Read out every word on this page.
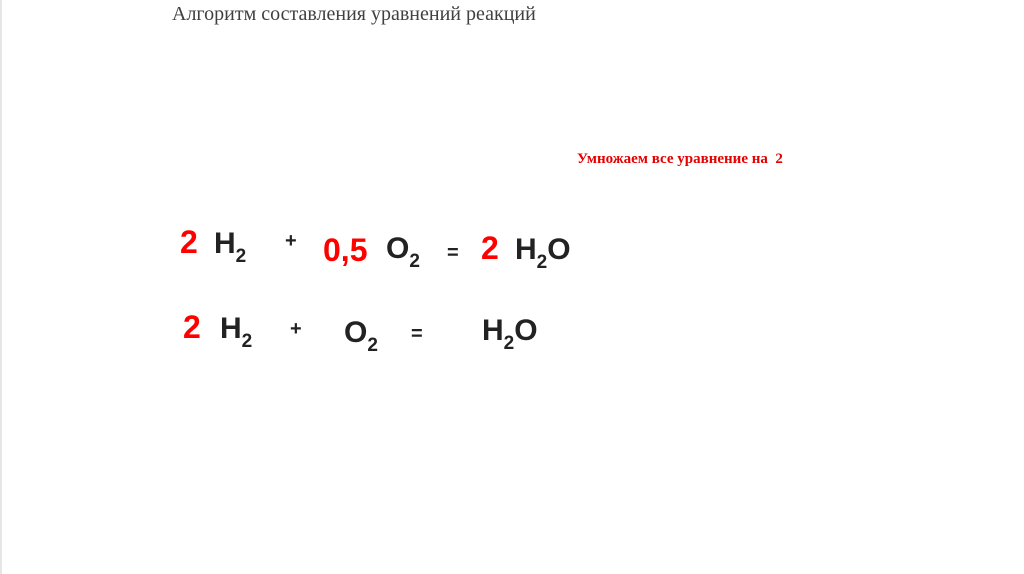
Алгоритм составления уравнений реакций
Умножаем все уравнение на  2
2 H2
+ 0,5 O2 = 2 H2O
2 H2
+ O2
= H2O
